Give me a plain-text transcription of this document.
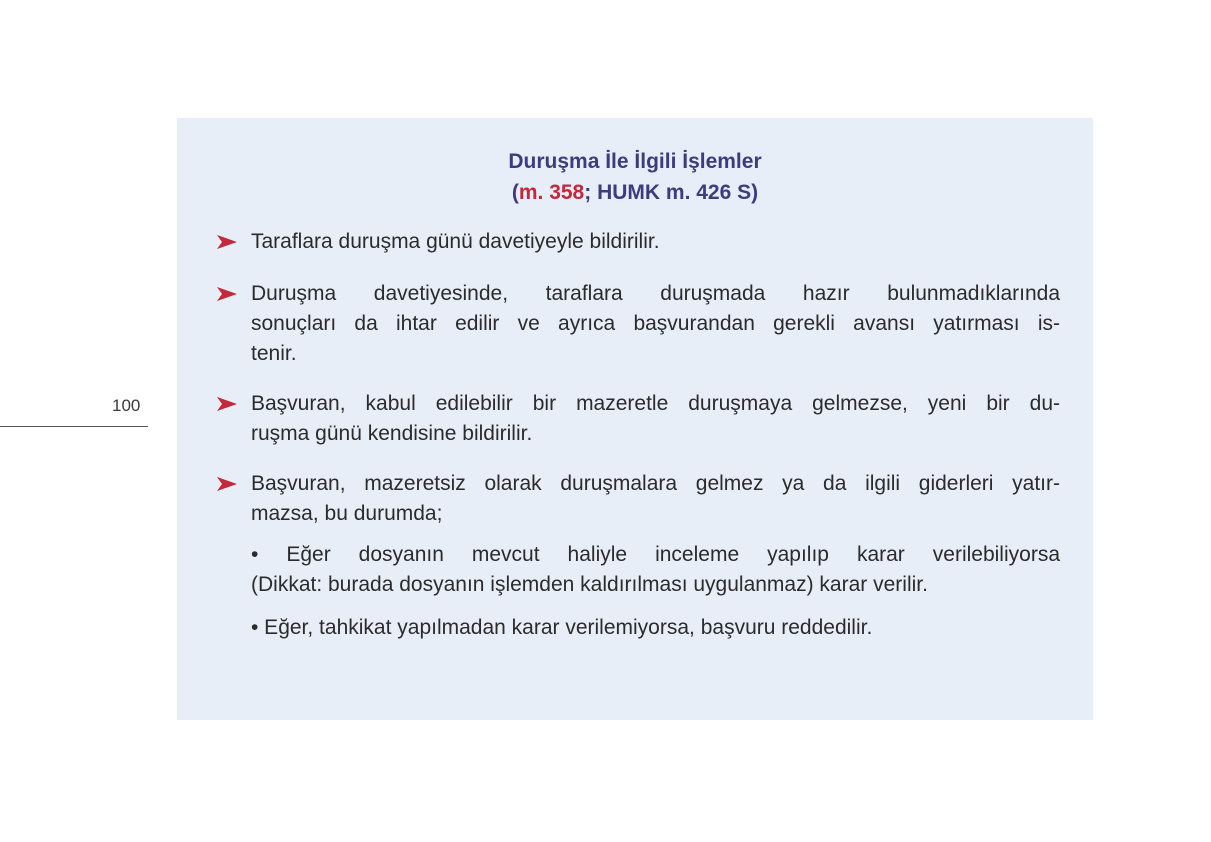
100
Duruşma İle İlgili İşlemler
(m. 358; HUMK m. 426 S)
Taraflara duruşma günü davetiyeyle bildirilir.
Duruşma davetiyesinde, taraflara duruşmada hazır bulunmadıklarında
sonuçları da ihtar edilir ve ayrıca başvurandan gerekli avansı yatırması is-
tenir.
Başvuran, kabul edilebilir bir mazeretle duruşmaya gelmezse, yeni bir du-
ruşma günü kendisine bildirilir.
Başvuran, mazeretsiz olarak duruşmalara gelmez ya da ilgili giderleri yatır-
mazsa, bu durumda;
• Eğer dosyanın mevcut haliyle inceleme yapılıp karar verilebiliyorsa
(Dikkat: burada dosyanın işlemden kaldırılması uygulanmaz) karar verilir.
• Eğer, tahkikat yapılmadan karar verilemiyorsa, başvuru reddedilir.
